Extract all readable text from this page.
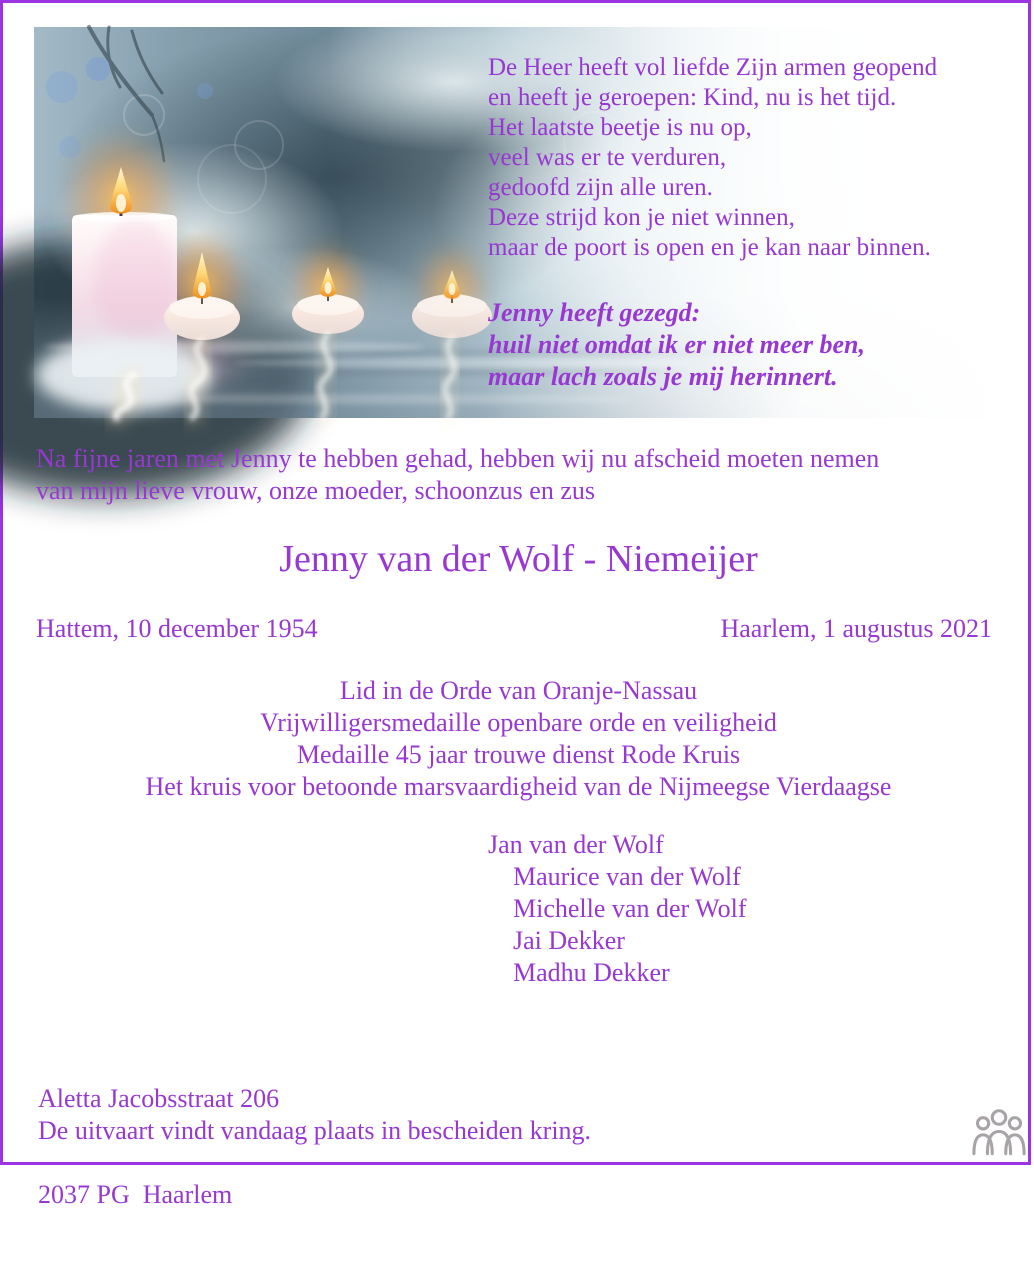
De Heer heeft vol liefde Zijn armen geopend
en heeft je geroepen: Kind, nu is het tijd.
Het laatste beetje is nu op,
veel was er te verduren,
gedoofd zijn alle uren.
Deze strijd kon je niet winnen,
maar de poort is open en je kan naar binnen.
Jenny heeft gezegd:
huil niet omdat ik er niet meer ben,
maar lach zoals je mij herinnert.
Na fijne jaren met Jenny te hebben gehad, hebben wij nu afscheid moeten nemen
van mijn lieve vrouw, onze moeder, schoonzus en zus
Jenny van der Wolf - Niemeijer
Hattem, 10 december 1954	Haarlem, 1 augustus 2021
Lid in de Orde van Oranje-Nassau
Vrijwilligersmedaille openbare orde en veiligheid
Medaille 45 jaar trouwe dienst Rode Kruis
Het kruis voor betoonde marsvaardigheid van de Nijmeegse Vierdaagse
Jan van der Wolf
Maurice van der Wolf
Michelle van der Wolf
Jai Dekker
Madhu Dekker

Aletta Jacobsstraat 206

2037 PG  Haarlem

De uitvaart vindt vandaag plaats in bescheiden kring.
